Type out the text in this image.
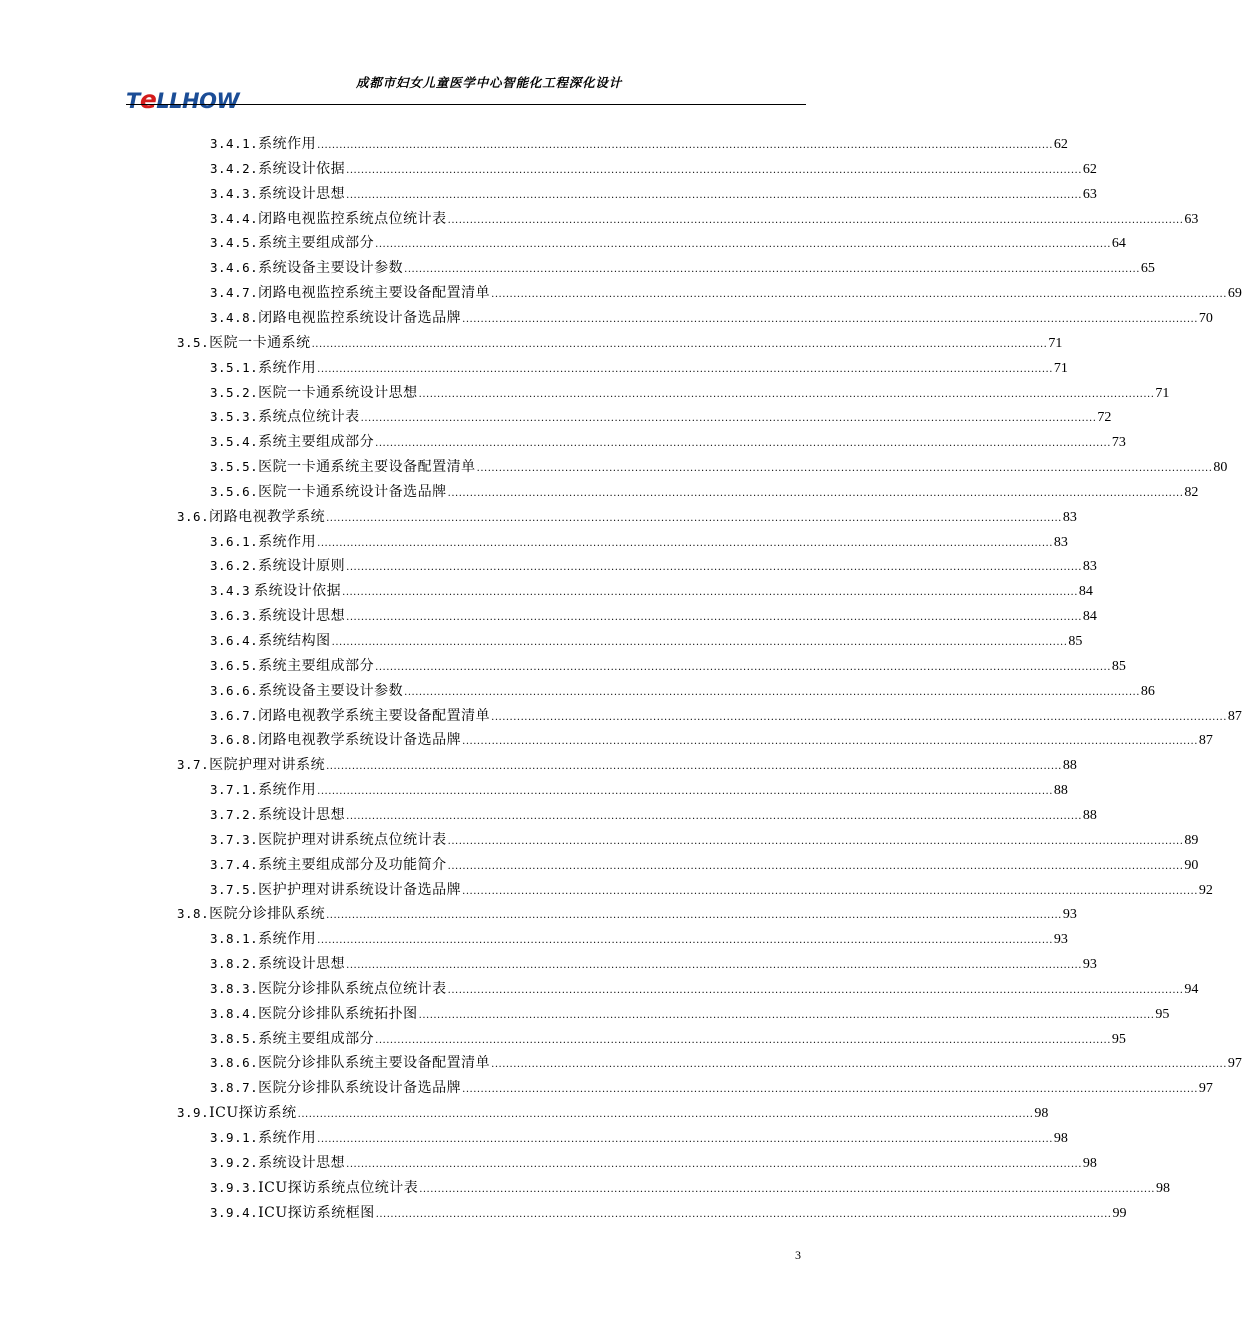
成都市妇女儿童医学中心智能化工程深化设计
TeLLHOW
3.4.1. 系统作用 ........................................................................................................................................................................................................ 62
3.4.2. 系统设计依据 ........................................................................................................................................................................................................ 62
3.4.3. 系统设计思想 ........................................................................................................................................................................................................ 63
3.4.4. 闭路电视监控系统点位统计表 ........................................................................................................................................................................................................ 63
3.4.5. 系统主要组成部分 ........................................................................................................................................................................................................ 64
3.4.6. 系统设备主要设计参数 ........................................................................................................................................................................................................ 65
3.4.7. 闭路电视监控系统主要设备配置清单 ........................................................................................................................................................................................................ 69
3.4.8. 闭路电视监控系统设计备选品牌 ........................................................................................................................................................................................................ 70
3.5. 医院一卡通系统 ........................................................................................................................................................................................................ 71
3.5.1. 系统作用 ........................................................................................................................................................................................................ 71
3.5.2. 医院一卡通系统设计思想 ........................................................................................................................................................................................................ 71
3.5.3. 系统点位统计表 ........................................................................................................................................................................................................ 72
3.5.4. 系统主要组成部分 ........................................................................................................................................................................................................ 73
3.5.5. 医院一卡通系统主要设备配置清单 ........................................................................................................................................................................................................ 80
3.5.6. 医院一卡通系统设计备选品牌 ........................................................................................................................................................................................................ 82
3.6. 闭路电视教学系统 ........................................................................................................................................................................................................ 83
3.6.1. 系统作用 ........................................................................................................................................................................................................ 83
3.6.2. 系统设计原则 ........................................................................................................................................................................................................ 83
3.4.3 系统设计依据 ........................................................................................................................................................................................................ 84
3.6.3. 系统设计思想 ........................................................................................................................................................................................................ 84
3.6.4. 系统结构图 ........................................................................................................................................................................................................ 85
3.6.5. 系统主要组成部分 ........................................................................................................................................................................................................ 85
3.6.6. 系统设备主要设计参数 ........................................................................................................................................................................................................ 86
3.6.7. 闭路电视教学系统主要设备配置清单 ........................................................................................................................................................................................................ 87
3.6.8. 闭路电视教学系统设计备选品牌 ........................................................................................................................................................................................................ 87
3.7. 医院护理对讲系统 ........................................................................................................................................................................................................ 88
3.7.1. 系统作用 ........................................................................................................................................................................................................ 88
3.7.2. 系统设计思想 ........................................................................................................................................................................................................ 88
3.7.3. 医院护理对讲系统点位统计表 ........................................................................................................................................................................................................ 89
3.7.4. 系统主要组成部分及功能简介 ........................................................................................................................................................................................................ 90
3.7.5. 医护护理对讲系统设计备选品牌 ........................................................................................................................................................................................................ 92
3.8. 医院分诊排队系统 ........................................................................................................................................................................................................ 93
3.8.1. 系统作用 ........................................................................................................................................................................................................ 93
3.8.2. 系统设计思想 ........................................................................................................................................................................................................ 93
3.8.3. 医院分诊排队系统点位统计表 ........................................................................................................................................................................................................ 94
3.8.4. 医院分诊排队系统拓扑图 ........................................................................................................................................................................................................ 95
3.8.5. 系统主要组成部分 ........................................................................................................................................................................................................ 95
3.8.6. 医院分诊排队系统主要设备配置清单 ........................................................................................................................................................................................................ 97
3.8.7. 医院分诊排队系统设计备选品牌 ........................................................................................................................................................................................................ 97
3.9. ICU探访系统 ........................................................................................................................................................................................................ 98
3.9.1. 系统作用 ........................................................................................................................................................................................................ 98
3.9.2. 系统设计思想 ........................................................................................................................................................................................................ 98
3.9.3. ICU探访系统点位统计表 ........................................................................................................................................................................................................ 98
3.9.4. ICU探访系统框图 ........................................................................................................................................................................................................ 99
3
